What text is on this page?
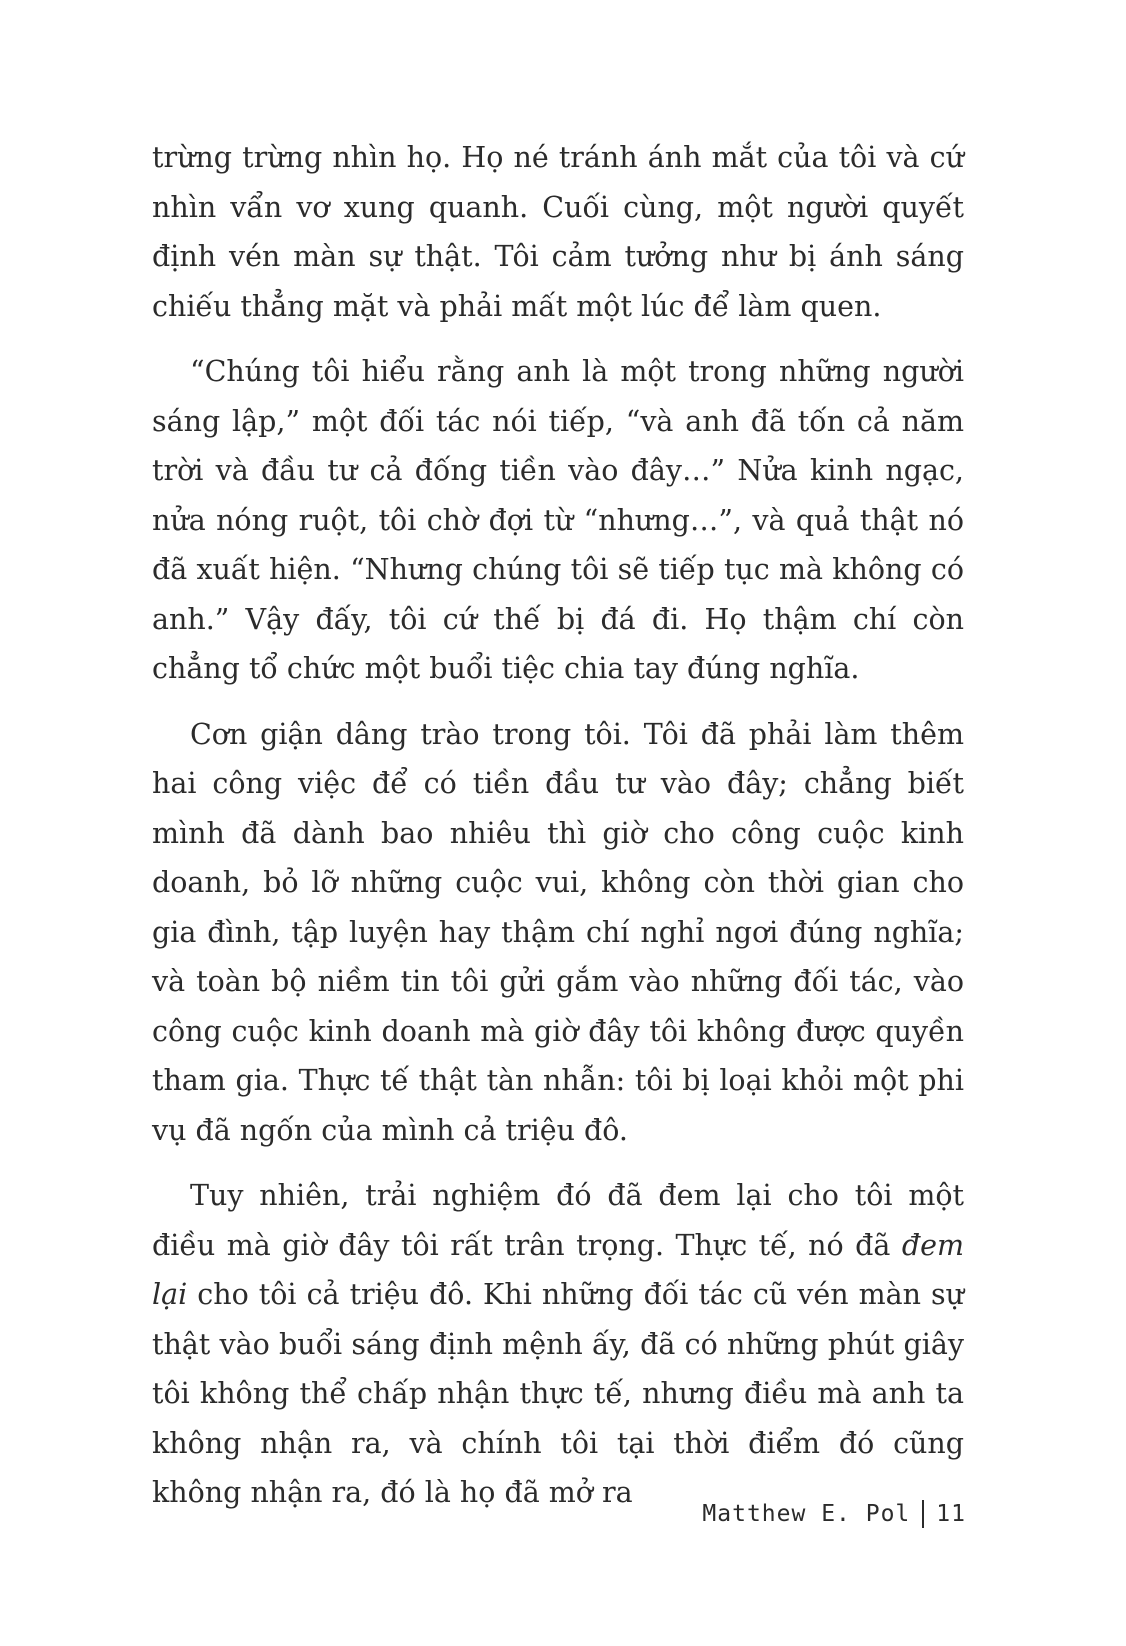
trừng trừng nhìn họ. Họ né tránh ánh mắt của tôi và cứ nhìn vẩn vơ xung quanh. Cuối cùng, một người quyết định vén màn sự thật. Tôi cảm tưởng như bị ánh sáng chiếu thẳng mặt và phải mất một lúc để làm quen.

“Chúng tôi hiểu rằng anh là một trong những người sáng lập,” một đối tác nói tiếp, “và anh đã tốn cả năm trời và đầu tư cả đống tiền vào đây…” Nửa kinh ngạc, nửa nóng ruột, tôi chờ đợi từ “nhưng…”, và quả thật nó đã xuất hiện. “Nhưng chúng tôi sẽ tiếp tục mà không có anh.” Vậy đấy, tôi cứ thế bị đá đi. Họ thậm chí còn chẳng tổ chức một buổi tiệc chia tay đúng nghĩa.

Cơn giận dâng trào trong tôi. Tôi đã phải làm thêm hai công việc để có tiền đầu tư vào đây; chẳng biết mình đã dành bao nhiêu thì giờ cho công cuộc kinh doanh, bỏ lỡ những cuộc vui, không còn thời gian cho gia đình, tập luyện hay thậm chí nghỉ ngơi đúng nghĩa; và toàn bộ niềm tin tôi gửi gắm vào những đối tác, vào công cuộc kinh doanh mà giờ đây tôi không được quyền tham gia. Thực tế thật tàn nhẫn: tôi bị loại khỏi một phi vụ đã ngốn của mình cả triệu đô.

Tuy nhiên, trải nghiệm đó đã đem lại cho tôi một điều mà giờ đây tôi rất trân trọng. Thực tế, nó đã đem lại cho tôi cả triệu đô. Khi những đối tác cũ vén màn sự thật vào buổi sáng định mệnh ấy, đã có những phút giây tôi không thể chấp nhận thực tế, nhưng điều mà anh ta không nhận ra, và chính tôi tại thời điểm đó cũng không nhận ra, đó là họ đã mở ra

Matthew E. Pol 11
